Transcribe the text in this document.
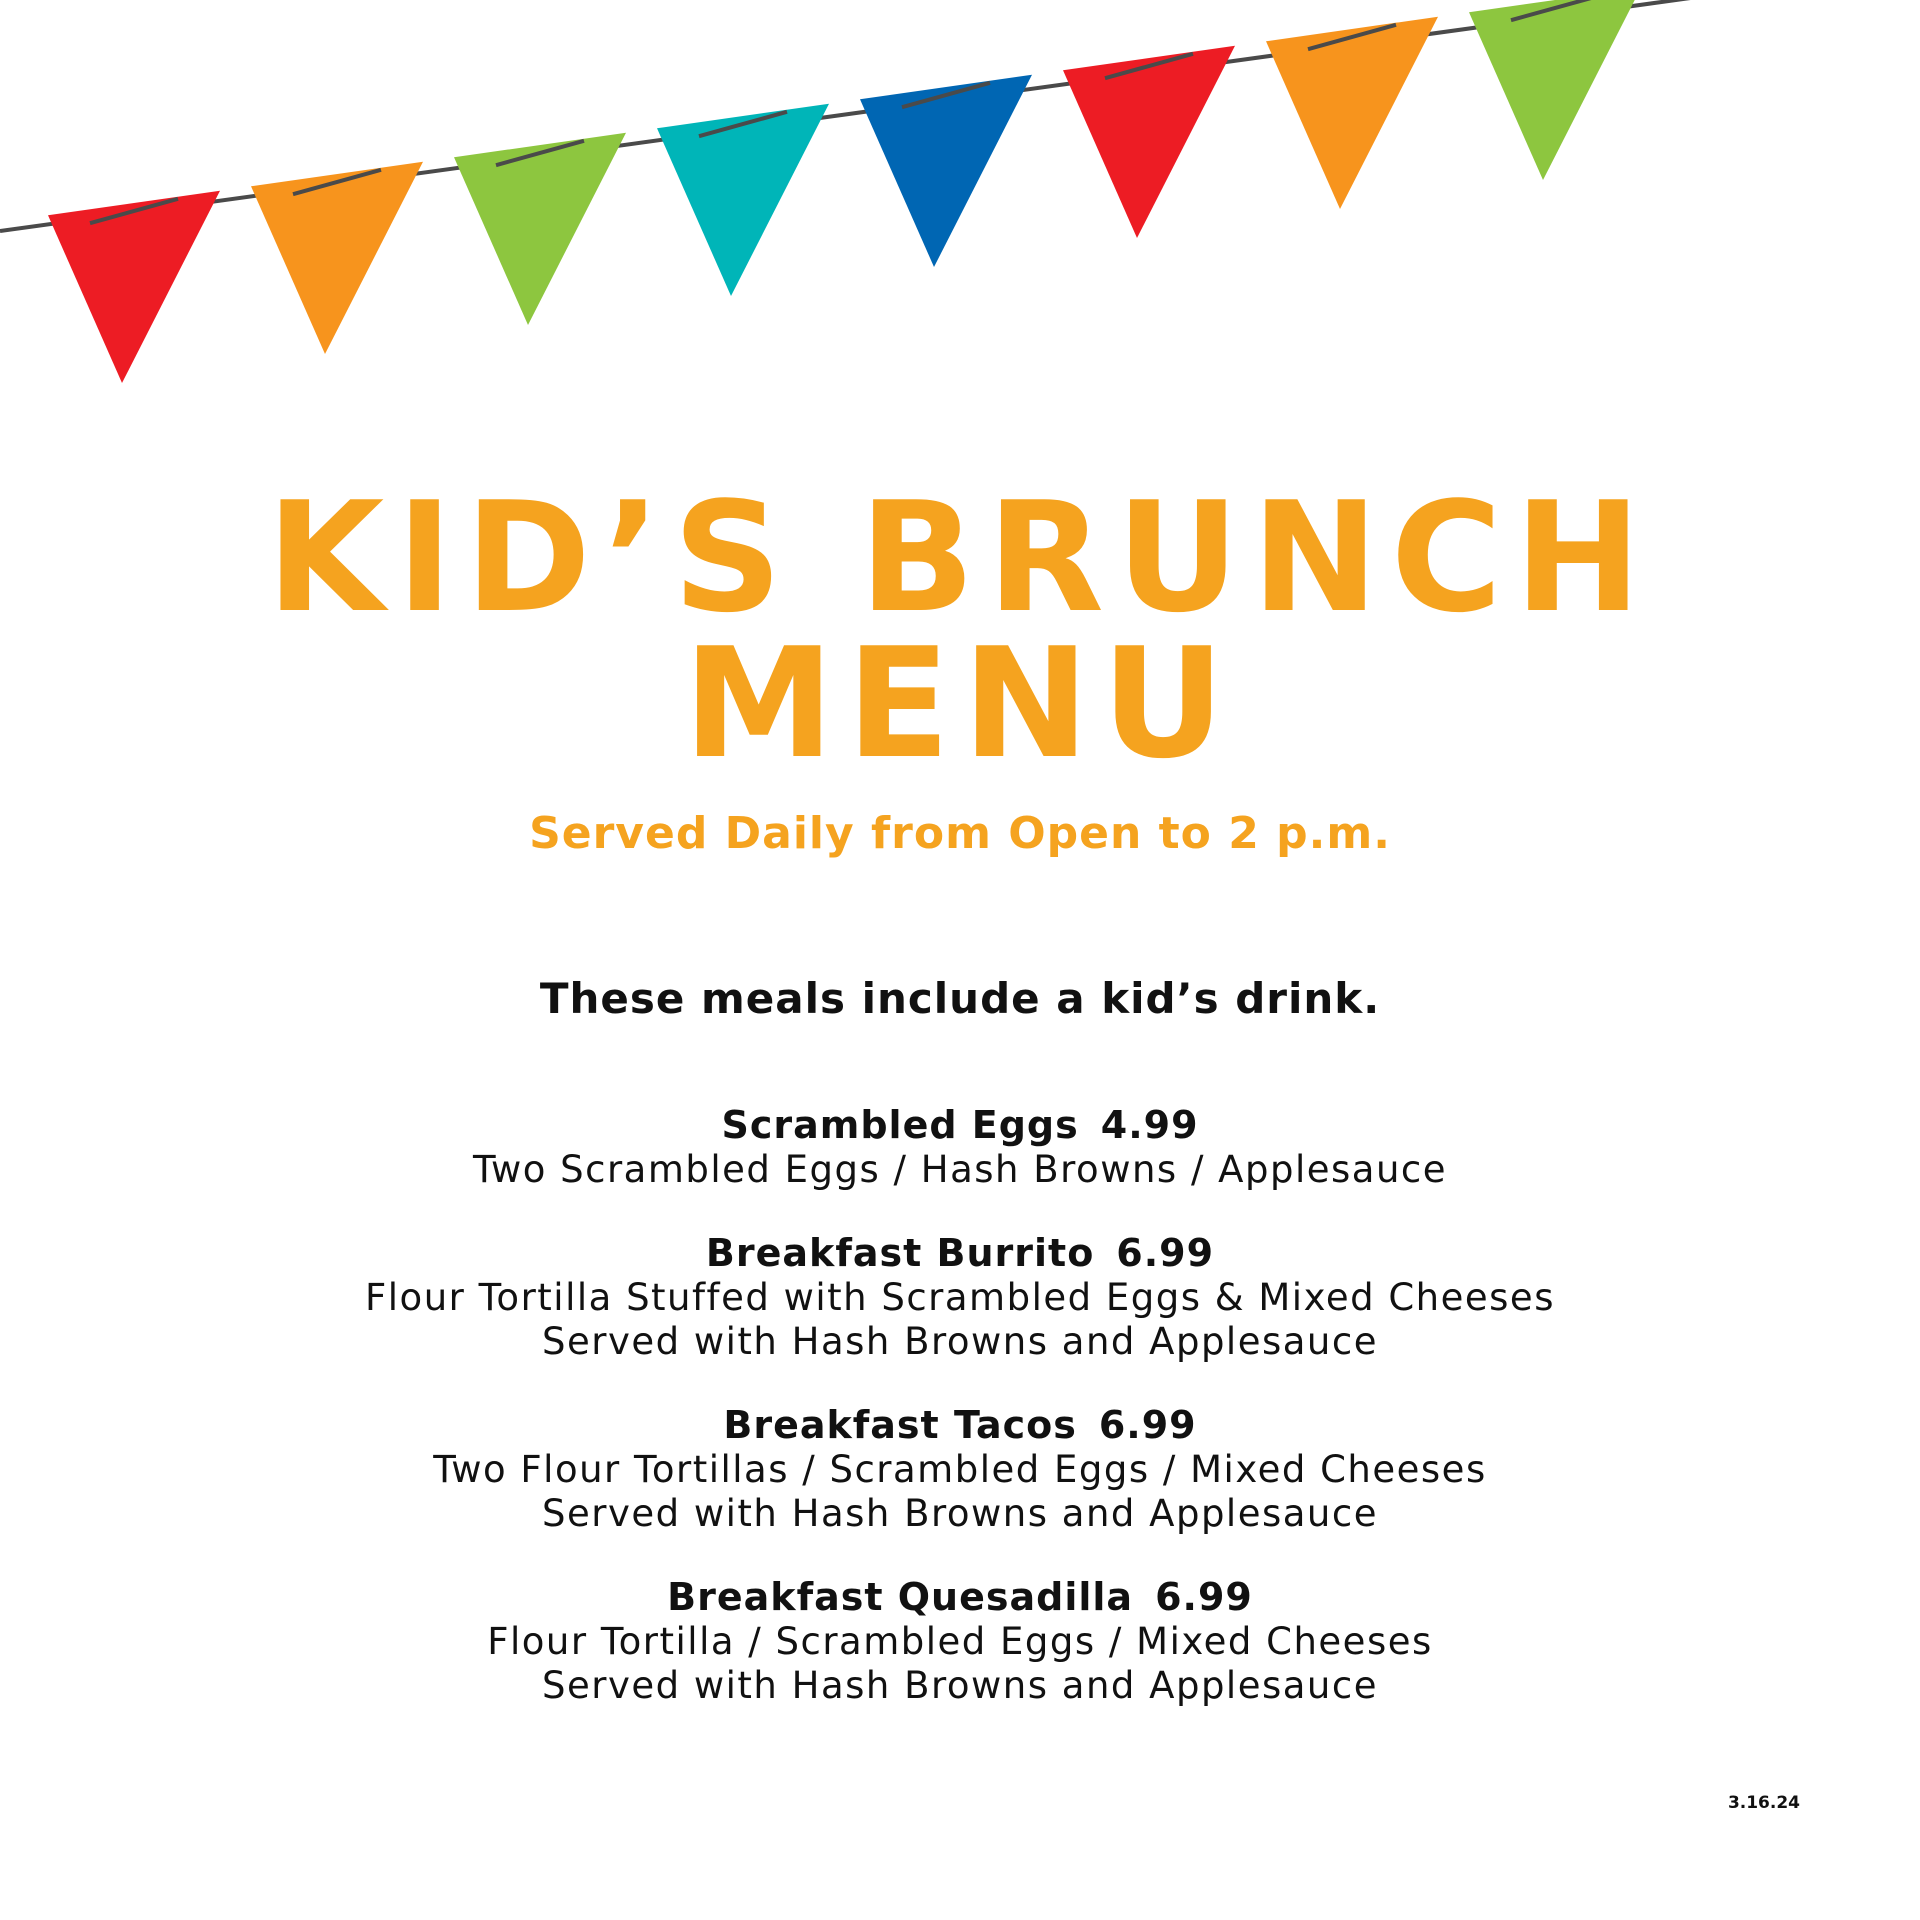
KID’S BRUNCH
MENU
Served Daily from Open to 2 p.m.
These meals include a kid’s drink.
Scrambled Eggs 4.99
Two Scrambled Eggs / Hash Browns / Applesauce
Breakfast Burrito 6.99
Flour Tortilla Stuffed with Scrambled Eggs & Mixed Cheeses
Served with Hash Browns and Applesauce
Breakfast Tacos 6.99
Two Flour Tortillas / Scrambled Eggs / Mixed Cheeses
Served with Hash Browns and Applesauce
Breakfast Quesadilla 6.99
Flour Tortilla / Scrambled Eggs / Mixed Cheeses
Served with Hash Browns and Applesauce
3.16.24
